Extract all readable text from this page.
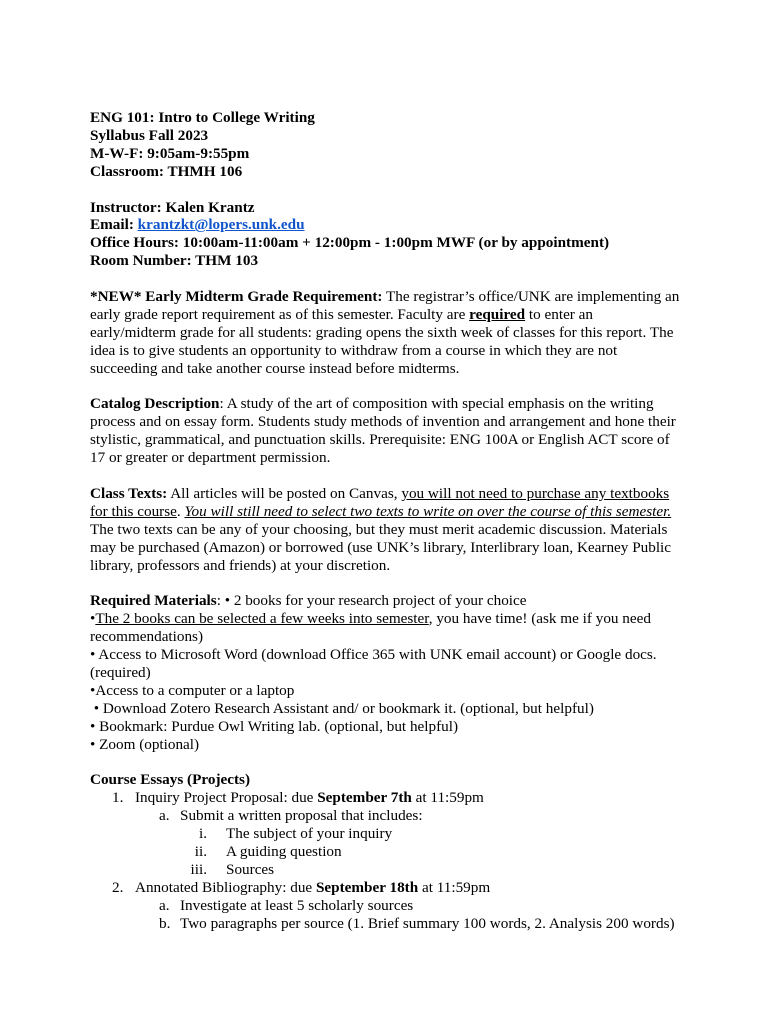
ENG 101: Intro to College Writing
Syllabus Fall 2023
M-W-F: 9:05am-9:55pm
Classroom: THMH 106
Instructor: Kalen Krantz
Email: krantzkt@lopers.unk.edu
Office Hours: 10:00am-11:00am + 12:00pm - 1:00pm MWF (or by appointment)
Room Number: THM 103
*NEW* Early Midterm Grade Requirement: The registrar’s office/UNK are implementing an
early grade report requirement as of this semester. Faculty are required to enter an
early/midterm grade for all students: grading opens the sixth week of classes for this report. The
idea is to give students an opportunity to withdraw from a course in which they are not
succeeding and take another course instead before midterms.
Catalog Description: A study of the art of composition with special emphasis on the writing
process and on essay form. Students study methods of invention and arrangement and hone their
stylistic, grammatical, and punctuation skills. Prerequisite: ENG 100A or English ACT score of
17 or greater or department permission.
Class Texts: All articles will be posted on Canvas, you will not need to purchase any textbooks
for this course. You will still need to select two texts to write on over the course of this semester.
The two texts can be any of your choosing, but they must merit academic discussion. Materials
may be purchased (Amazon) or borrowed (use UNK’s library, Interlibrary loan, Kearney Public
library, professors and friends) at your discretion.
Required Materials: • 2 books for your research project of your choice
•The 2 books can be selected a few weeks into semester, you have time! (ask me if you need
recommendations)
• Access to Microsoft Word (download Office 365 with UNK email account) or Google docs.
(required)
•Access to a computer or a laptop
• Download Zotero Research Assistant and/ or bookmark it. (optional, but helpful)
• Bookmark: Purdue Owl Writing lab. (optional, but helpful)
• Zoom (optional)
Course Essays (Projects)
1. Inquiry Project Proposal: due September 7th at 11:59pm
a. Submit a written proposal that includes:
i. The subject of your inquiry
ii. A guiding question
iii. Sources
2. Annotated Bibliography: due September 18th at 11:59pm
a. Investigate at least 5 scholarly sources
b. Two paragraphs per source (1. Brief summary 100 words, 2. Analysis 200 words)
